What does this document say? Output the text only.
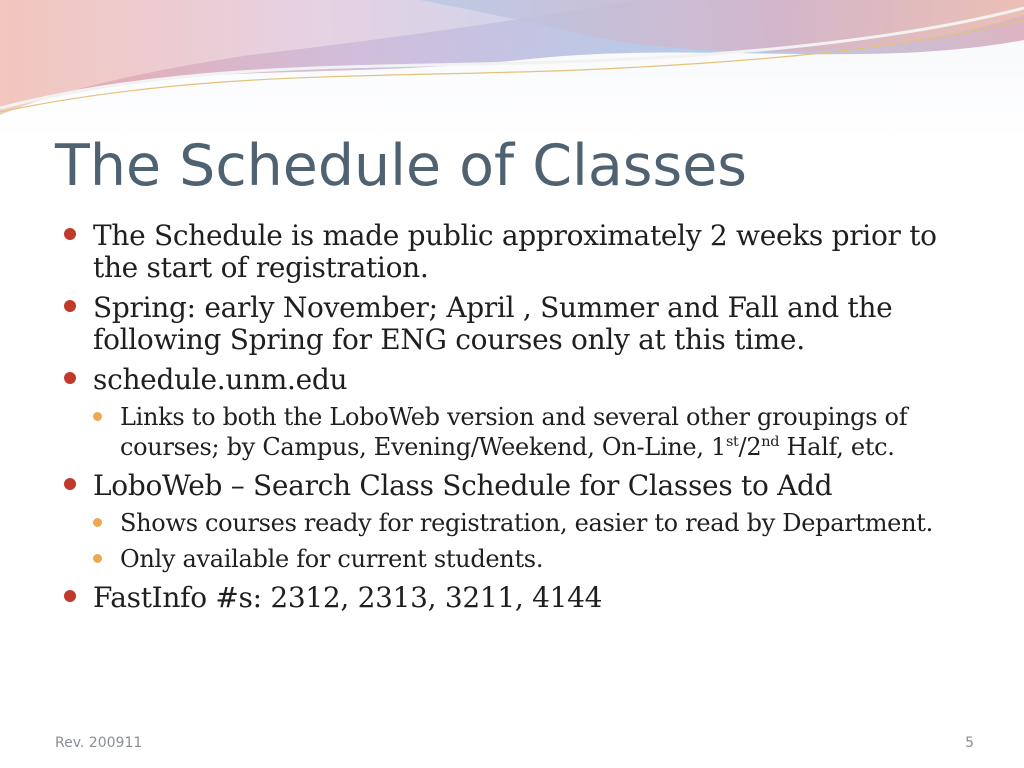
The Schedule of Classes
The Schedule is made public approximately 2 weeks prior to the start of registration.
Spring: early November; April , Summer and Fall and the following Spring for ENG courses only at this time.
schedule.unm.edu
Links to both the LoboWeb version and several other groupings of courses; by Campus, Evening/Weekend, On-Line, 1st/2nd Half, etc.
LoboWeb – Search Class Schedule for Classes to Add
Shows courses ready for registration, easier to read by Department.
Only available for current students.
FastInfo #s: 2312, 2313, 3211, 4144
Rev. 200911	5
